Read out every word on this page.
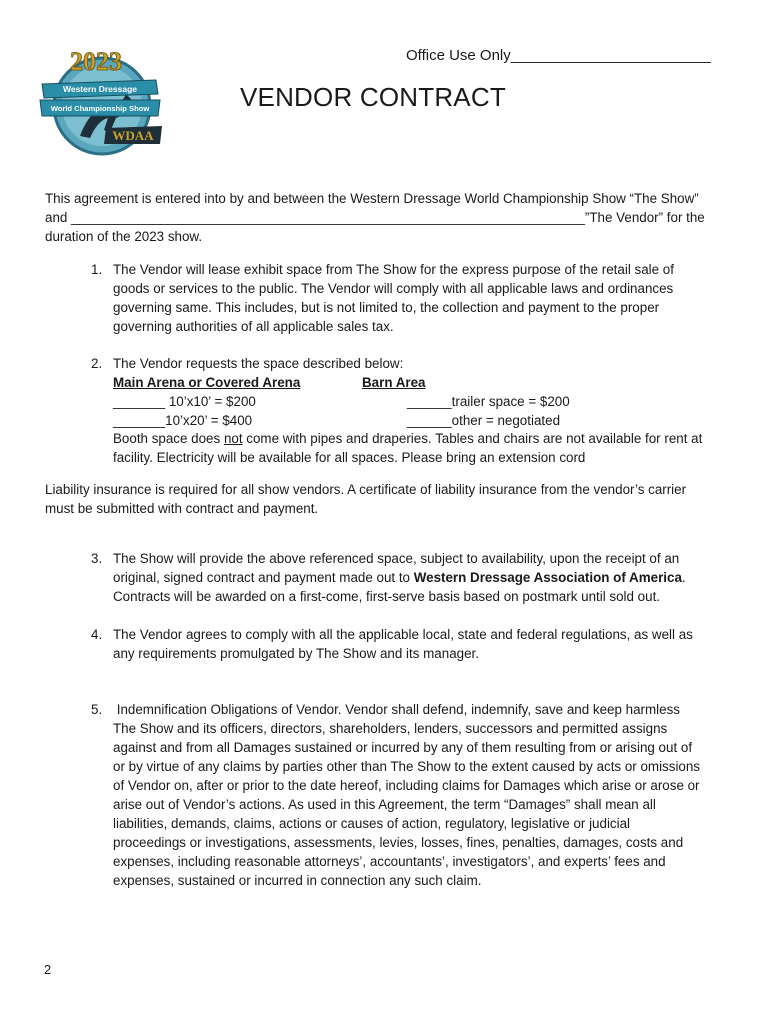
2023
Western Dressage
World Championship Show
WDAA
Office Use Only________________________
VENDOR CONTRACT
This agreement is entered into by and between the Western Dressage World Championship Show “The Show”
and _____________________________________________________________________”The Vendor” for the
duration of the 2023 show.
1. The Vendor will lease exhibit space from The Show for the express purpose of the retail sale of
goods or services to the public. The Vendor will comply with all applicable laws and ordinances
governing same. This includes, but is not limited to, the collection and payment to the proper
governing authorities of all applicable sales tax.
2. The Vendor requests the space described below:
Main Arena or Covered Arena	Barn Area
_______ 10’x10’ = $200	______trailer space = $200
_______10’x20’ = $400	______other = negotiated
Booth space does not come with pipes and draperies. Tables and chairs are not available for rent at
facility. Electricity will be available for all spaces. Please bring an extension cord
Liability insurance is required for all show vendors. A certificate of liability insurance from the vendor’s carrier
must be submitted with contract and payment.
3. The Show will provide the above referenced space, subject to availability, upon the receipt of an
original, signed contract and payment made out to Western Dressage Association of America.
Contracts will be awarded on a first-come, first-serve basis based on postmark until sold out.
4. The Vendor agrees to comply with all the applicable local, state and federal regulations, as well as
any requirements promulgated by The Show and its manager.
5. Indemnification Obligations of Vendor. Vendor shall defend, indemnify, save and keep harmless
The Show and its officers, directors, shareholders, lenders, successors and permitted assigns
against and from all Damages sustained or incurred by any of them resulting from or arising out of
or by virtue of any claims by parties other than The Show to the extent caused by acts or omissions
of Vendor on, after or prior to the date hereof, including claims for Damages which arise or arose or
arise out of Vendor’s actions. As used in this Agreement, the term “Damages” shall mean all
liabilities, demands, claims, actions or causes of action, regulatory, legislative or judicial
proceedings or investigations, assessments, levies, losses, fines, penalties, damages, costs and
expenses, including reasonable attorneys’, accountants’, investigators’, and experts’ fees and
expenses, sustained or incurred in connection any such claim.
2
